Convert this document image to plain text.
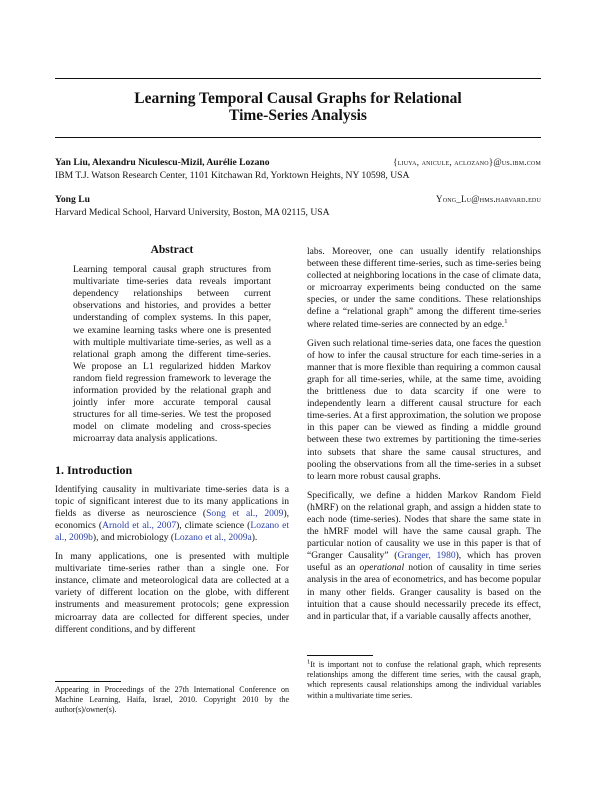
Learning Temporal Causal Graphs for Relational
Time-Series Analysis
Yan Liu, Alexandru Niculescu-Mizil, Aurélie Lozano	{liuya, anicule, aclozano}@us.ibm.com
IBM T.J. Watson Research Center, 1101 Kitchawan Rd, Yorktown Heights, NY 10598, USA
Yong Lu	Yong_Lu@hms.harvard.edu
Harvard Medical School, Harvard University, Boston, MA 02115, USA
Abstract
Learning temporal causal graph structures from multivariate time-series data reveals important dependency relationships between current observations and histories, and provides a better understanding of complex systems. In this paper, we examine learning tasks where one is presented with multiple multivariate time-series, as well as a relational graph among the different time-series. We propose an L1 regularized hidden Markov random field regression framework to leverage the information provided by the relational graph and jointly infer more accurate temporal causal structures for all time-series. We test the proposed model on climate modeling and cross-species microarray data analysis applications.
1. Introduction

Identifying causality in multivariate time-series data is a topic of significant interest due to its many applications in fields as diverse as neuroscience (Song et al., 2009), economics (Arnold et al., 2007), climate science (Lozano et al., 2009b), and microbiology (Lozano et al., 2009a).

In many applications, one is presented with multiple multivariate time-series rather than a single one. For instance, climate and meteorological data are collected at a variety of different location on the globe, with different instruments and measurement protocols; gene expression microarray data are collected for different species, under different conditions, and by different

Appearing in Proceedings of the 27th International Conference on Machine Learning, Haifa, Israel, 2010. Copyright 2010 by the author(s)/owner(s).

labs. Moreover, one can usually identify relationships between these different time-series, such as time-series being collected at neighboring locations in the case of climate data, or microarray experiments being conducted on the same species, or under the same conditions. These relationships define a “relational graph” among the different time-series where related time-series are connected by an edge.$^1$

Given such relational time-series data, one faces the question of how to infer the causal structure for each time-series in a manner that is more flexible than requiring a common causal graph for all time-series, while, at the same time, avoiding the brittleness due to data scarcity if one were to independently learn a different causal structure for each time-series. At a first approximation, the solution we propose in this paper can be viewed as finding a middle ground between these two extremes by partitioning the time-series into subsets that share the same causal structures, and pooling the observations from all the time-series in a subset to learn more robust causal graphs.

Specifically, we define a hidden Markov Random Field (hMRF) on the relational graph, and assign a hidden state to each node (time-series). Nodes that share the same state in the hMRF model will have the same causal graph. The particular notion of causality we use in this paper is that of “Granger Causality” (Granger, 1980), which has proven useful as an operational notion of causality in time series analysis in the area of econometrics, and has become popular in many other fields. Granger causality is based on the intuition that a cause should necessarily precede its effect, and in particular that, if a variable causally affects another,

$^1$It is important not to confuse the relational graph, which represents relationships among the different time series, with the causal graph, which represents causal relationships among the individual variables within a multivariate time series.
